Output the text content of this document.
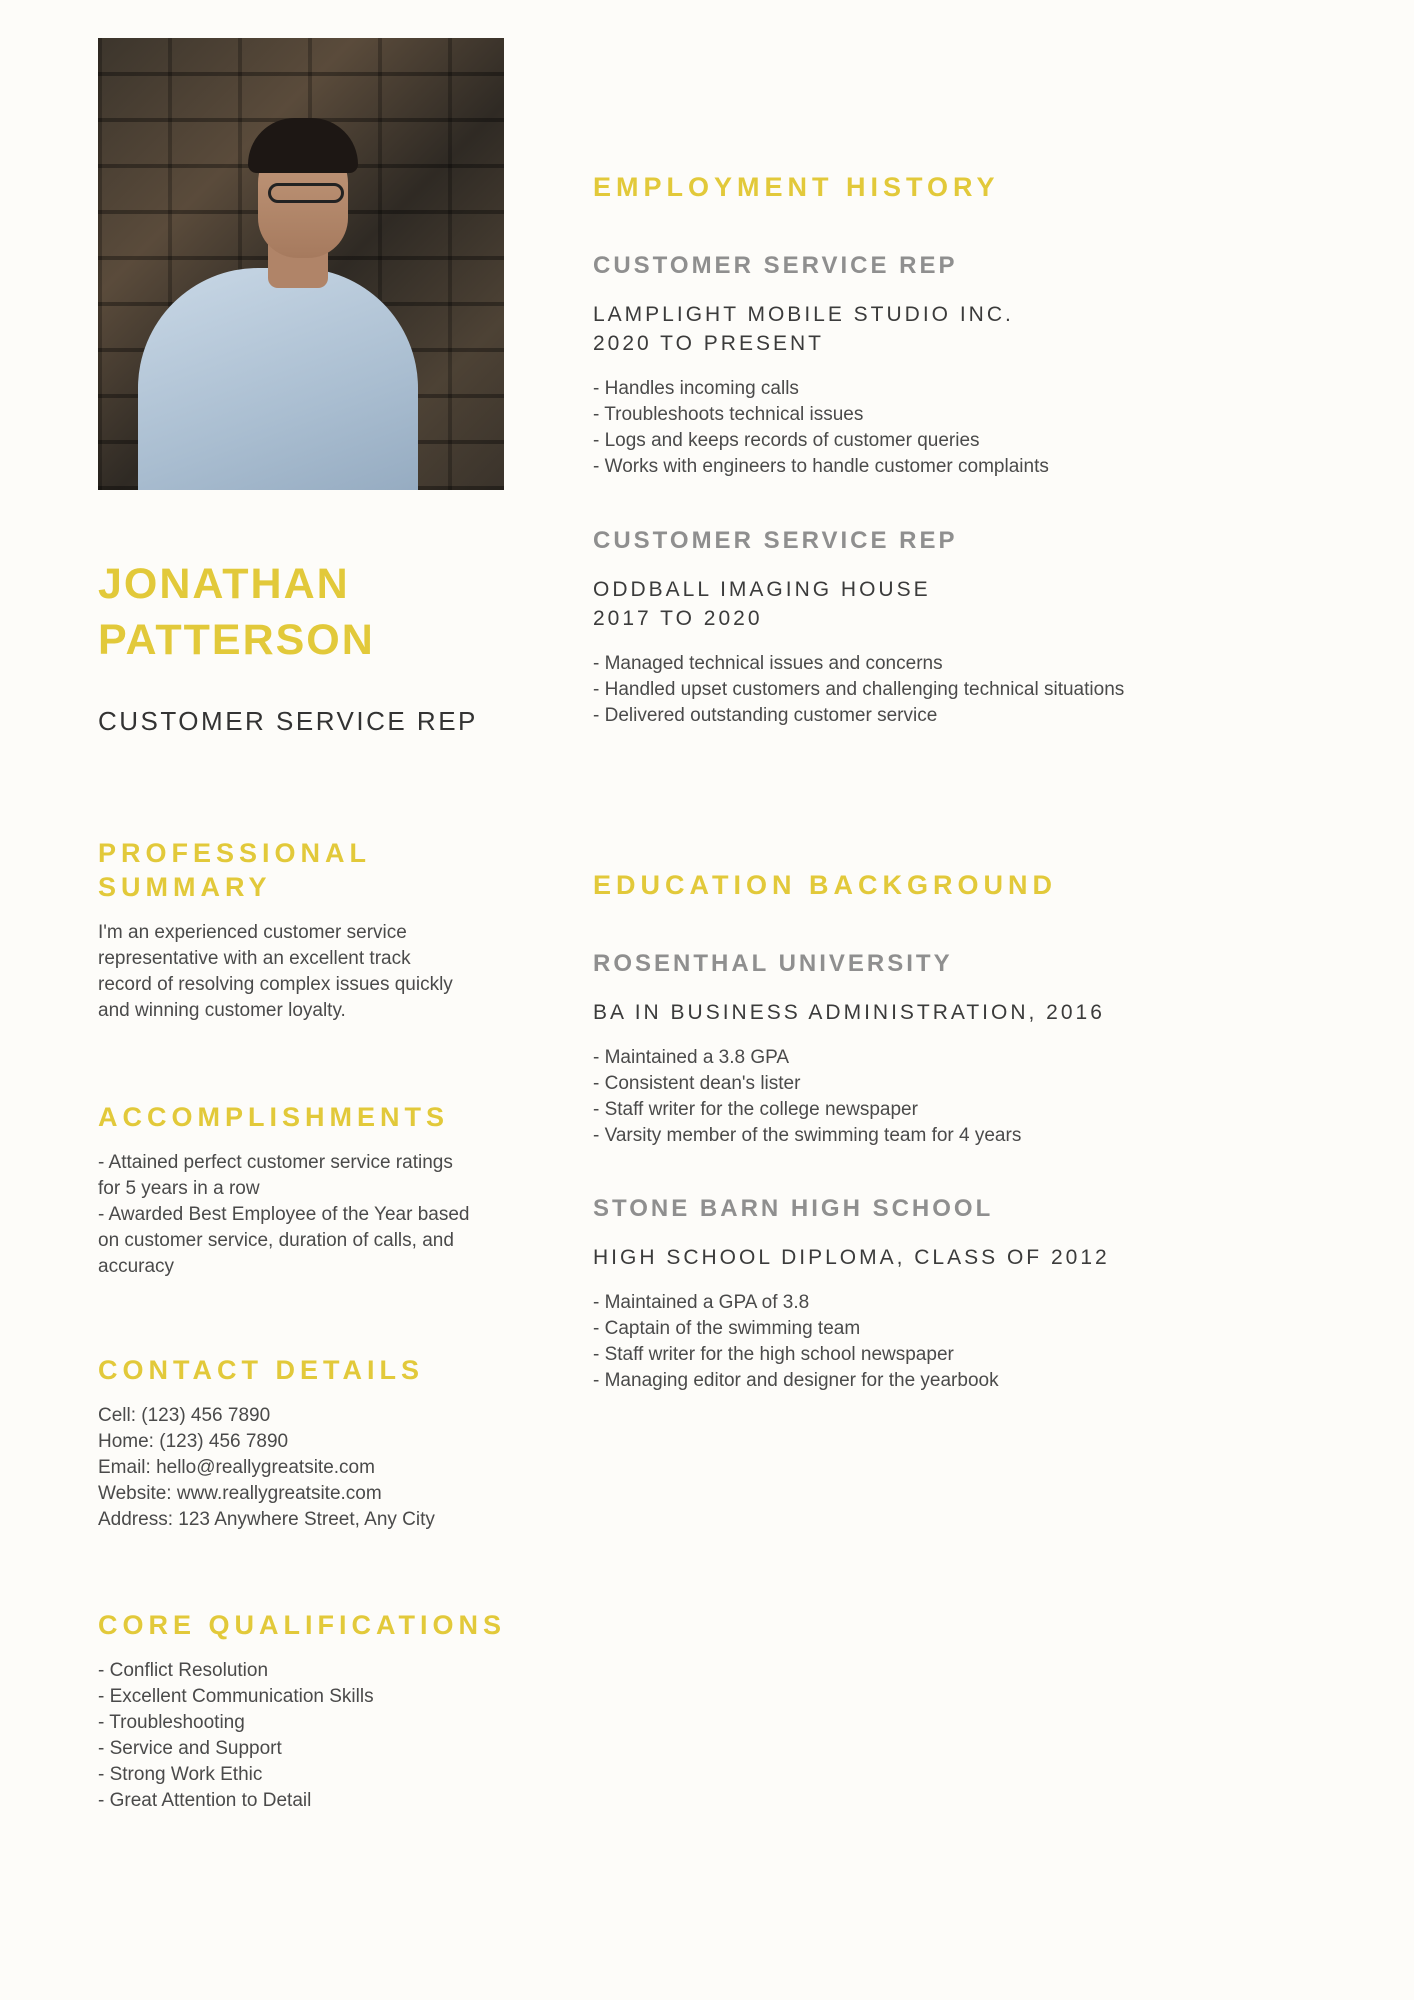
JONATHAN
PATTERSON
CUSTOMER SERVICE REP
PROFESSIONAL
SUMMARY
I'm an experienced customer service
representative with an excellent track
record of resolving complex issues quickly
and winning customer loyalty.
ACCOMPLISHMENTS
- Attained perfect customer service ratings
for 5 years in a row
- Awarded Best Employee of the Year based
on customer service, duration of calls, and
accuracy
CONTACT DETAILS
Cell: (123) 456 7890
Home: (123) 456 7890
Email: hello@reallygreatsite.com
Website: www.reallygreatsite.com
Address: 123 Anywhere Street, Any City
CORE QUALIFICATIONS
- Conflict Resolution
- Excellent Communication Skills
- Troubleshooting
- Service and Support
- Strong Work Ethic
- Great Attention to Detail
EMPLOYMENT HISTORY
CUSTOMER SERVICE REP
LAMPLIGHT MOBILE STUDIO INC.
2020 TO PRESENT
- Handles incoming calls
- Troubleshoots technical issues
- Logs and keeps records of customer queries
- Works with engineers to handle customer complaints
CUSTOMER SERVICE REP
ODDBALL IMAGING HOUSE
2017 TO 2020
- Managed technical issues and concerns
- Handled upset customers and challenging technical situations
- Delivered outstanding customer service
EDUCATION BACKGROUND
ROSENTHAL UNIVERSITY
BA IN BUSINESS ADMINISTRATION, 2016
- Maintained a 3.8 GPA
- Consistent dean's lister
- Staff writer for the college newspaper
- Varsity member of the swimming team for 4 years
STONE BARN HIGH SCHOOL
HIGH SCHOOL DIPLOMA, CLASS OF 2012
- Maintained a GPA of 3.8
- Captain of the swimming team
- Staff writer for the high school newspaper
- Managing editor and designer for the yearbook
